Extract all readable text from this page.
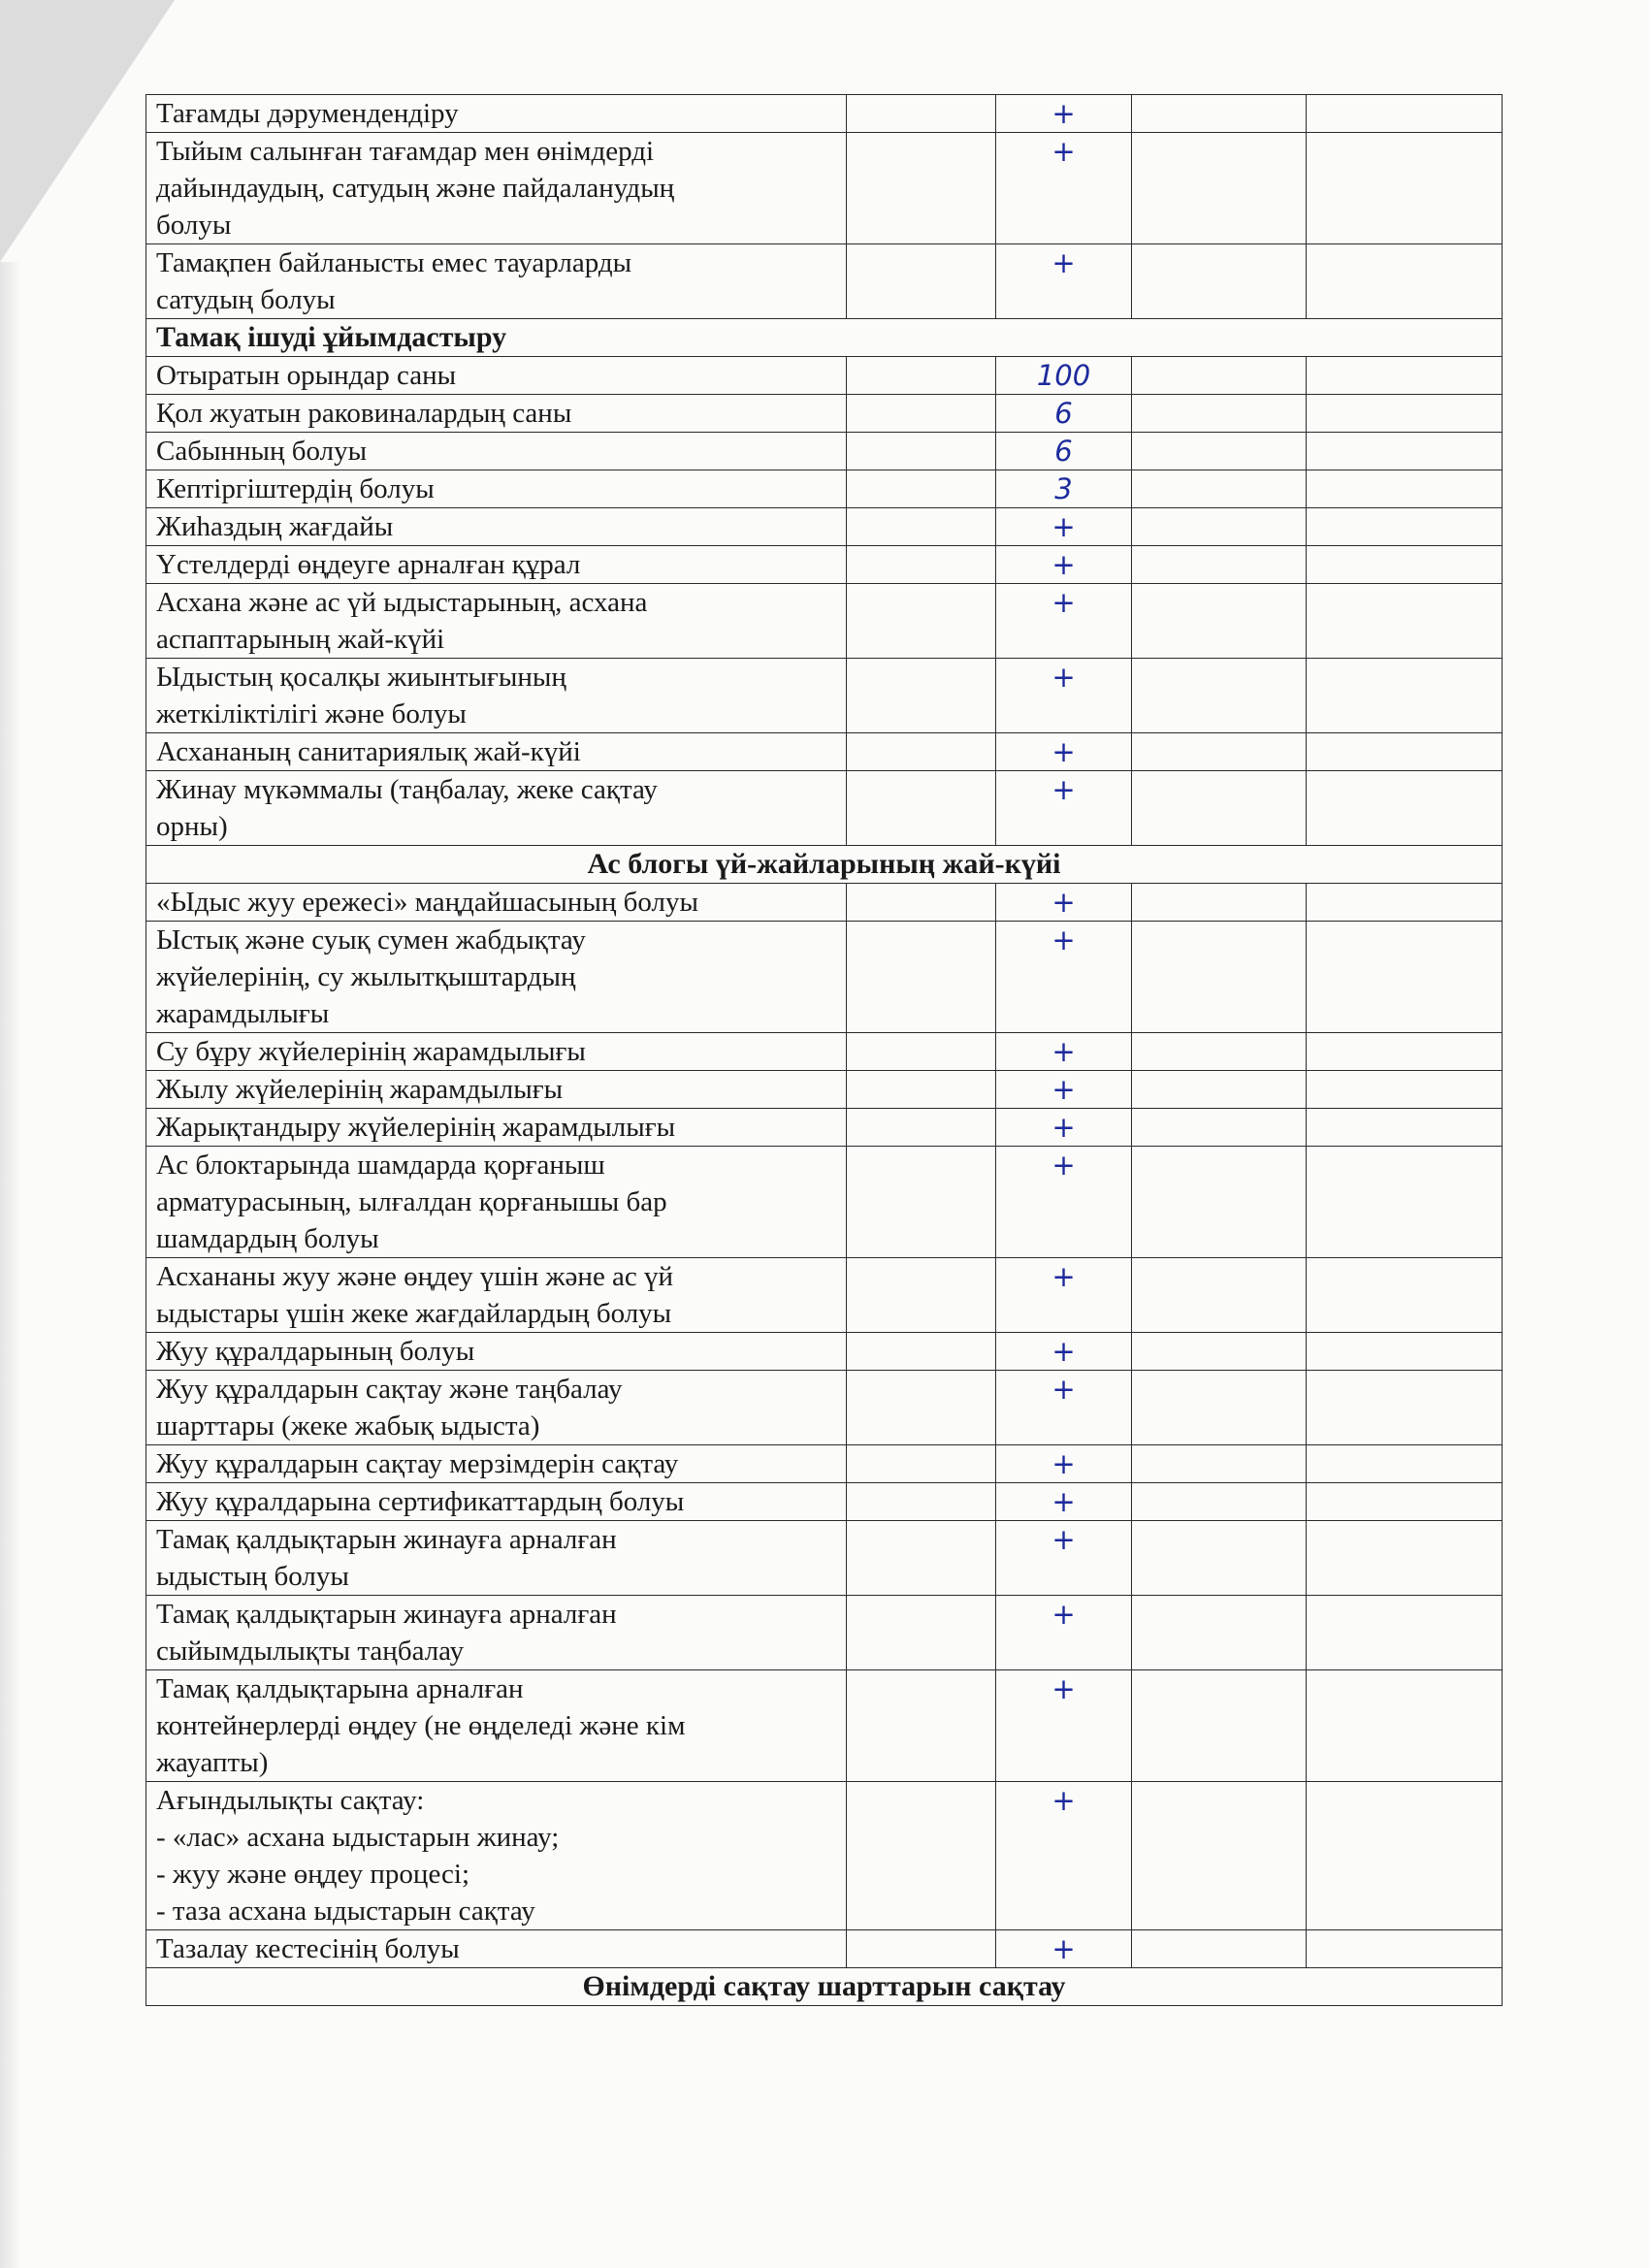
Тағамды дәрумендендіру		+		
Тыйым салынған тағамдар мен өнімдерді
дайындаудың, сатудың және пайдаланудың
болуы		+		
Тамақпен байланысты емес тауарларды
сатудың болуы		+		
Тамақ ішуді ұйымдастыру				
Отыратын орындар саны		100		
Қол жуатын раковиналардың саны		6		
Сабынның болуы		6		
Кептіргіштердің болуы		3		
Жиһаздың жағдайы		+		
Үстелдерді өңдеуге арналған құрал		+		
Асхана және ас үй ыдыстарының, асхана
аспаптарының жай-күйі		+		
Ыдыстың қосалқы жиынтығының
жеткіліктілігі және болуы		+		
Асхананың санитариялық жай-күйі		+		
Жинау мүкәммалы (таңбалау, жеке сақтау
орны)		+		
Ас блогы үй-жайларының жай-күйі				
«Ыдыс жуу ережесі» маңдайшасының болуы		+		
Ыстық және суық сумен жабдықтау
жүйелерінің, су жылытқыштардың
жарамдылығы		+		
Су бұру жүйелерінің жарамдылығы		+		
Жылу жүйелерінің жарамдылығы		+		
Жарықтандыру жүйелерінің жарамдылығы		+		
Ас блоктарында шамдарда қорғаныш
арматурасының, ылғалдан қорғанышы бар
шамдардың болуы		+		
Асхананы жуу және өңдеу үшін және ас үй
ыдыстары үшін жеке жағдайлардың болуы		+		
Жуу құралдарының болуы		+		
Жуу құралдарын сақтау және таңбалау
шарттары (жеке жабық ыдыста)		+		
Жуу құралдарын сақтау мерзімдерін сақтау		+		
Жуу құралдарына сертификаттардың болуы		+		
Тамақ қалдықтарын жинауға арналған
ыдыстың болуы		+		
Тамақ қалдықтарын жинауға арналған
сыйымдылықты таңбалау		+		
Тамақ қалдықтарына арналған
контейнерлерді өңдеу (не өңделеді және кім
жауапты)		+		
Ағындылықты сақтау:
- «лас» асхана ыдыстарын жинау;
- жуу және өңдеу процесі;
- таза асхана ыдыстарын сақтау		+		
Тазалау кестесінің болуы		+		
Өнімдерді сақтау шарттарын сақтау				
